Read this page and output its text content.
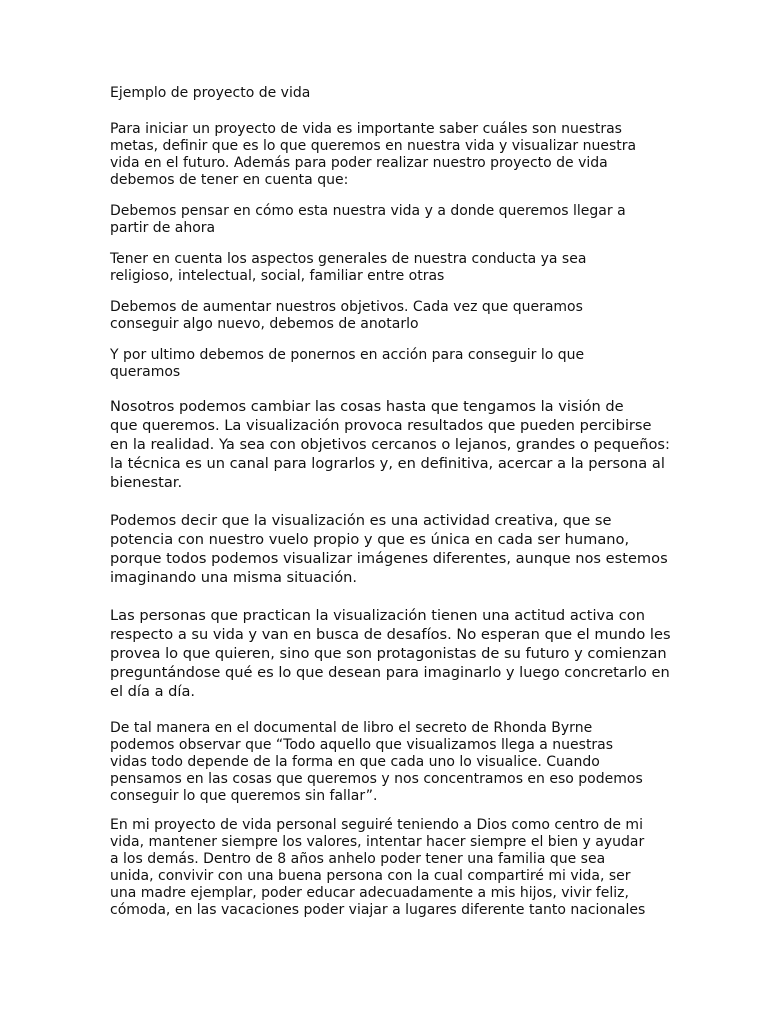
Ejemplo de proyecto de vida
Para iniciar un proyecto de vida es importante saber cuáles son nuestras
metas, definir que es lo que queremos en nuestra vida y visualizar nuestra
vida en el futuro. Además para poder realizar nuestro proyecto de vida
debemos de tener en cuenta que:
Debemos pensar en cómo esta nuestra vida y a donde queremos llegar a
partir de ahora
Tener en cuenta los aspectos generales de nuestra conducta ya sea
religioso, intelectual, social, familiar entre otras
Debemos de aumentar nuestros objetivos. Cada vez que queramos
conseguir algo nuevo, debemos de anotarlo
Y por ultimo debemos de ponernos en acción para conseguir lo que
queramos
Nosotros podemos cambiar las cosas hasta que tengamos la visión de
que queremos. La visualización provoca resultados que pueden percibirse
en la realidad. Ya sea con objetivos cercanos o lejanos, grandes o pequeños:
la técnica es un canal para lograrlos y, en definitiva, acercar a la persona al
bienestar.
Podemos decir que la visualización es una actividad creativa, que se
potencia con nuestro vuelo propio y que es única en cada ser humano,
porque todos podemos visualizar imágenes diferentes, aunque nos estemos
imaginando una misma situación.
Las personas que practican la visualización tienen una actitud activa con
respecto a su vida y van en busca de desafíos. No esperan que el mundo les
provea lo que quieren, sino que son protagonistas de su futuro y comienzan
preguntándose qué es lo que desean para imaginarlo y luego concretarlo en
el día a día.
De tal manera en el documental de libro el secreto de Rhonda Byrne
podemos observar que “Todo aquello que visualizamos llega a nuestras
vidas todo depende de la forma en que cada uno lo visualice. Cuando
pensamos en las cosas que queremos y nos concentramos en eso podemos
conseguir lo que queremos sin fallar”.
En mi proyecto de vida personal seguiré teniendo a Dios como centro de mi
vida, mantener siempre los valores, intentar hacer siempre el bien y ayudar
a los demás. Dentro de 8 años anhelo poder tener una familia que sea
unida, convivir con una buena persona con la cual compartiré mi vida, ser
una madre ejemplar, poder educar adecuadamente a mis hijos, vivir feliz,
cómoda, en las vacaciones poder viajar a lugares diferente tanto nacionales
